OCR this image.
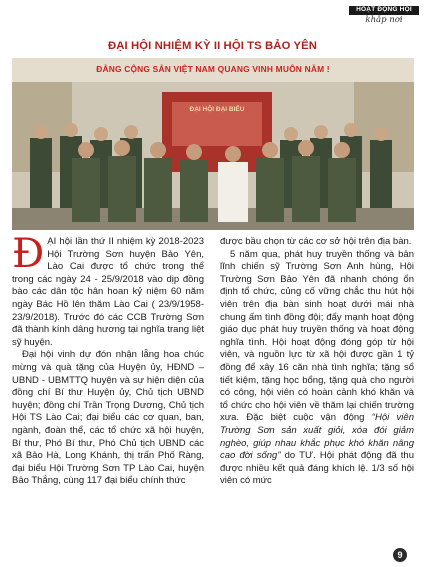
HOẠT ĐỘNG HỘI
khắp nơi
ĐẠI HỘI NHIỆM KỲ II HỘI TS BẢO YÊN
ĐẢNG CỘNG SẢN VIỆT NAM QUANG VINH MUÔN NĂM !
ĐẠI HỘI ĐẠI BIỂU

ĐẠI hội lần thứ II nhiệm kỳ 2018-2023 Hội Trường Sơn huyện Bảo Yên, Lào Cai được tổ chức trong thể trong các ngày 24 - 25/9/2018 vào dịp đồng bào các dân tộc hân hoan kỷ niệm 60 năm ngày Bác Hồ lên thăm Lào Cai ( 23/9/1958-23/9/2018). Trước đó các CCB Trường Sơn đã thành kính dâng hương tại nghĩa trang liệt sỹ huyện.

Đại hội vinh dự đón nhận lẵng hoa chúc mừng và quà tặng của Huyện ủy, HĐND – UBND - UBMTTQ huyện và sự hiện diện của đồng chí Bí thư Huyện ủy, Chủ tịch UBND huyện; đồng chí Trần Trọng Dương, Chủ tịch Hội TS Lào Cai; đại biểu các cơ quan, ban, ngành, đoàn thể, các tổ chức xã hội huyện, Bí thư, Phó Bí thư, Phó Chủ tịch UBND các xã Bảo Hà, Long Khánh, thị trấn Phố Ràng, đại biểu Hội Trường Sơn TP Lào Cai, huyện Bảo Thắng, cùng 117 đại biểu chính thức

được bầu chọn từ các cơ sở hội trên địa bàn.

5 năm qua, phát huy truyền thống và bản lĩnh chiến sỹ Trường Sơn Anh hùng, Hội Trường Sơn Bảo Yên đã nhanh chóng ổn định tổ chức, củng cố vững chắc thu hút hội viên trên địa bàn sinh hoạt dưới mái nhà chung ấm tình đồng đội; đẩy mạnh hoạt động giáo dục phát huy truyền thống và hoạt động nghĩa tình. Hội hoạt động đóng góp từ hội viên, và nguồn lực từ xã hội được gần 1 tỷ đồng để xây 16 căn nhà tình nghĩa; tặng sổ tiết kiệm, tặng học bổng, tặng quà cho người có công, hội viên có hoàn cảnh khó khăn và tổ chức cho hội viên về thăm lại chiến trường xưa. Đặc biệt cuộc vận động “Hội viên Trường Sơn sản xuất giỏi, xóa đói giảm nghèo, giúp nhau khắc phục khó khăn nâng cao đời sống” do TƯ. Hội phát động đã thu được nhiều kết quả đáng khích lệ. 1/3 số hội viên có mức

9
